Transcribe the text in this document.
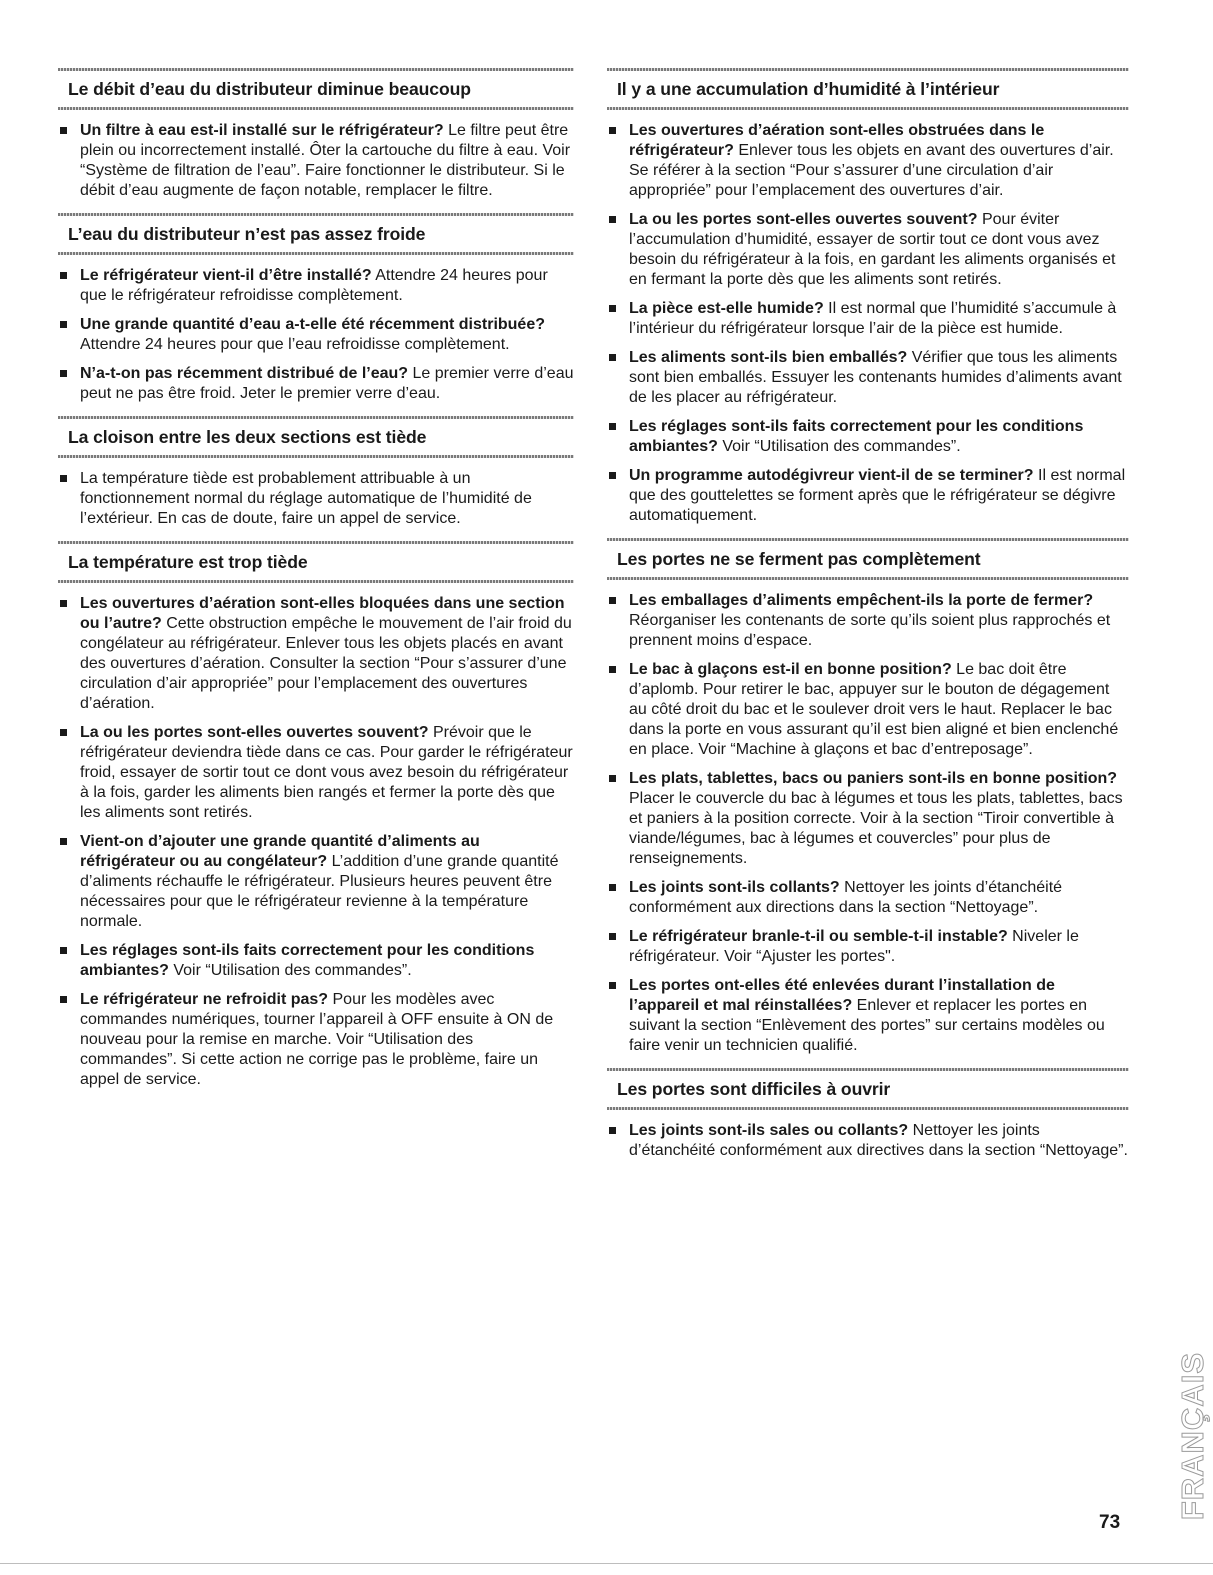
Le débit d’eau du distributeur diminue beaucoup
Un filtre à eau est-il installé sur le réfrigérateur? Le filtre peut être plein ou incorrectement installé. Ôter la cartouche du filtre à eau. Voir “Système de filtration de l’eau”. Faire fonctionner le distributeur. Si le débit d’eau augmente de façon notable, remplacer le filtre.
L’eau du distributeur n’est pas assez froide
Le réfrigérateur vient-il d’être installé? Attendre 24 heures pour que le réfrigérateur refroidisse complètement.
Une grande quantité d’eau a-t-elle été récemment distribuée? Attendre 24 heures pour que l’eau refroidisse complètement.
N’a-t-on pas récemment distribué de l’eau? Le premier verre d’eau peut ne pas être froid. Jeter le premier verre d’eau.
La cloison entre les deux sections est tiède
La température tiède est probablement attribuable à un fonctionnement normal du réglage automatique de l’humidité de l’extérieur. En cas de doute, faire un appel de service.
La température est trop tiède
Les ouvertures d’aération sont-elles bloquées dans une section ou l’autre? Cette obstruction empêche le mouvement de l’air froid du congélateur au réfrigérateur. Enlever tous les objets placés en avant des ouvertures d’aération. Consulter la section “Pour s’assurer d’une circulation d’air appropriée” pour l’emplacement des ouvertures d’aération.
La ou les portes sont-elles ouvertes souvent? Prévoir que le réfrigérateur deviendra tiède dans ce cas. Pour garder le réfrigérateur froid, essayer de sortir tout ce dont vous avez besoin du réfrigérateur à la fois, garder les aliments bien rangés et fermer la porte dès que les aliments sont retirés.
Vient-on d’ajouter une grande quantité d’aliments au réfrigérateur ou au congélateur? L’addition d’une grande quantité d’aliments réchauffe le réfrigérateur. Plusieurs heures peuvent être nécessaires pour que le réfrigérateur revienne à la température normale.
Les réglages sont-ils faits correctement pour les conditions ambiantes? Voir “Utilisation des commandes”.
Le réfrigérateur ne refroidit pas? Pour les modèles avec commandes numériques, tourner l’appareil à OFF ensuite à ON de nouveau pour la remise en marche. Voir “Utilisation des commandes”. Si cette action ne corrige pas le problème, faire un appel de service.
Il y a une accumulation d’humidité à l’intérieur
Les ouvertures d’aération sont-elles obstruées dans le réfrigérateur? Enlever tous les objets en avant des ouvertures d’air. Se référer à la section “Pour s’assurer d’une circulation d’air appropriée” pour l’emplacement des ouvertures d’air.
La ou les portes sont-elles ouvertes souvent? Pour éviter l’accumulation d’humidité, essayer de sortir tout ce dont vous avez besoin du réfrigérateur à la fois, en gardant les aliments organisés et en fermant la porte dès que les aliments sont retirés.
La pièce est-elle humide? Il est normal que l’humidité s’accumule à l’intérieur du réfrigérateur lorsque l’air de la pièce est humide.
Les aliments sont-ils bien emballés? Vérifier que tous les aliments sont bien emballés. Essuyer les contenants humides d’aliments avant de les placer au réfrigérateur.
Les réglages sont-ils faits correctement pour les conditions ambiantes? Voir “Utilisation des commandes”.
Un programme autodégivreur vient-il de se terminer? Il est normal que des gouttelettes se forment après que le réfrigérateur se dégivre automatiquement.
Les portes ne se ferment pas complètement
Les emballages d’aliments empêchent-ils la porte de fermer? Réorganiser les contenants de sorte qu’ils soient plus rapprochés et prennent moins d’espace.
Le bac à glaçons est-il en bonne position? Le bac doit être d’aplomb. Pour retirer le bac, appuyer sur le bouton de dégagement au côté droit du bac et le soulever droit vers le haut. Replacer le bac dans la porte en vous assurant qu’il est bien aligné et bien enclenché en place. Voir “Machine à glaçons et bac d’entreposage”.
Les plats, tablettes, bacs ou paniers sont-ils en bonne position? Placer le couvercle du bac à légumes et tous les plats, tablettes, bacs et paniers à la position correcte. Voir à la section “Tiroir convertible à viande/légumes, bac à légumes et couvercles” pour plus de renseignements.
Les joints sont-ils collants? Nettoyer les joints d’étanchéité conformément aux directions dans la section “Nettoyage”.
Le réfrigérateur branle-t-il ou semble-t-il instable? Niveler le réfrigérateur. Voir “Ajuster les portes".
Les portes ont-elles été enlevées durant l’installation de l’appareil et mal réinstallées? Enlever et replacer les portes en suivant la section “Enlèvement des portes” sur certains modèles ou faire venir un technicien qualifié.
Les portes sont difficiles à ouvrir
Les joints sont-ils sales ou collants? Nettoyer les joints d’étanchéité conformément aux directives dans la section “Nettoyage”.
FRANÇAIS
73
